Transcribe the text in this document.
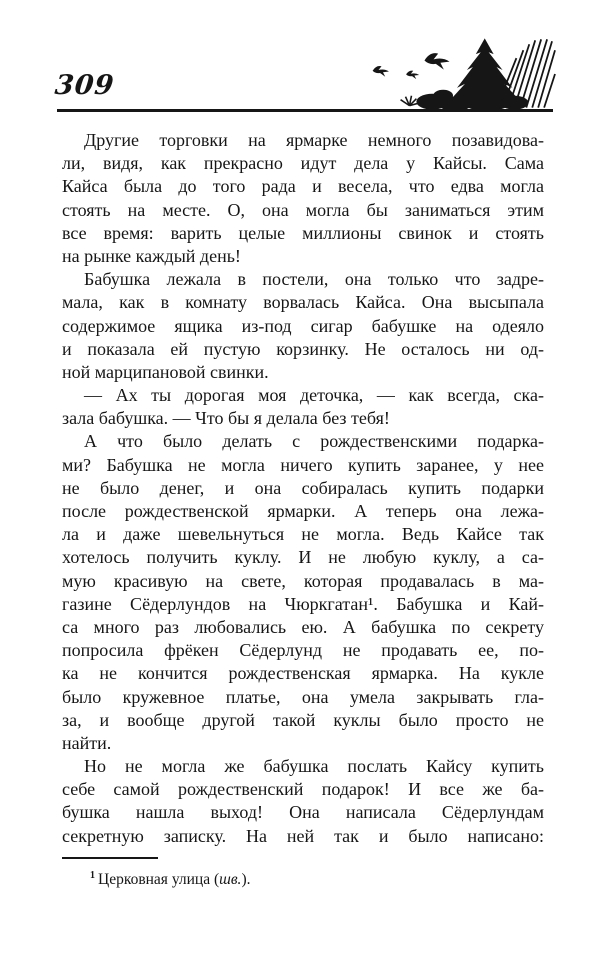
309
Другие торговки на ярмарке немного позавидова-
ли, видя, как прекрасно идут дела у Кайсы. Сама
Кайса была до того рада и весела, что едва могла
стоять на месте. О, она могла бы заниматься этим
все время: варить целые миллионы свинок и стоять
на рынке каждый день!
Бабушка лежала в постели, она только что задре-
мала, как в комнату ворвалась Кайса. Она высыпала
содержимое ящика из-под сигар бабушке на одеяло
и показала ей пустую корзинку. Не осталось ни од-
ной марципановой свинки.
— Ах ты дорогая моя деточка, — как всегда, ска-
зала бабушка. — Что бы я делала без тебя!
А что было делать с рождественскими подарка-
ми? Бабушка не могла ничего купить заранее, у нее
не было денег, и она собиралась купить подарки
после рождественской ярмарки. А теперь она лежа-
ла и даже шевельнуться не могла. Ведь Кайсе так
хотелось получить куклу. И не любую куклу, а са-
мую красивую на свете, которая продавалась в ма-
газине Сёдерлундов на Чюркгатан¹. Бабушка и Кай-
са много раз любовались ею. А бабушка по секрету
попросила фрёкен Сёдерлунд не продавать ее, по-
ка не кончится рождественская ярмарка. На кукле
было кружевное платье, она умела закрывать гла-
за, и вообще другой такой куклы было просто не
найти.
Но не могла же бабушка послать Кайсу купить
себе самой рождественский подарок! И все же ба-
бушка нашла выход! Она написала Сёдерлундам
секретную записку. На ней так и было написано:

$^1$ Церковная улица (шв.).
